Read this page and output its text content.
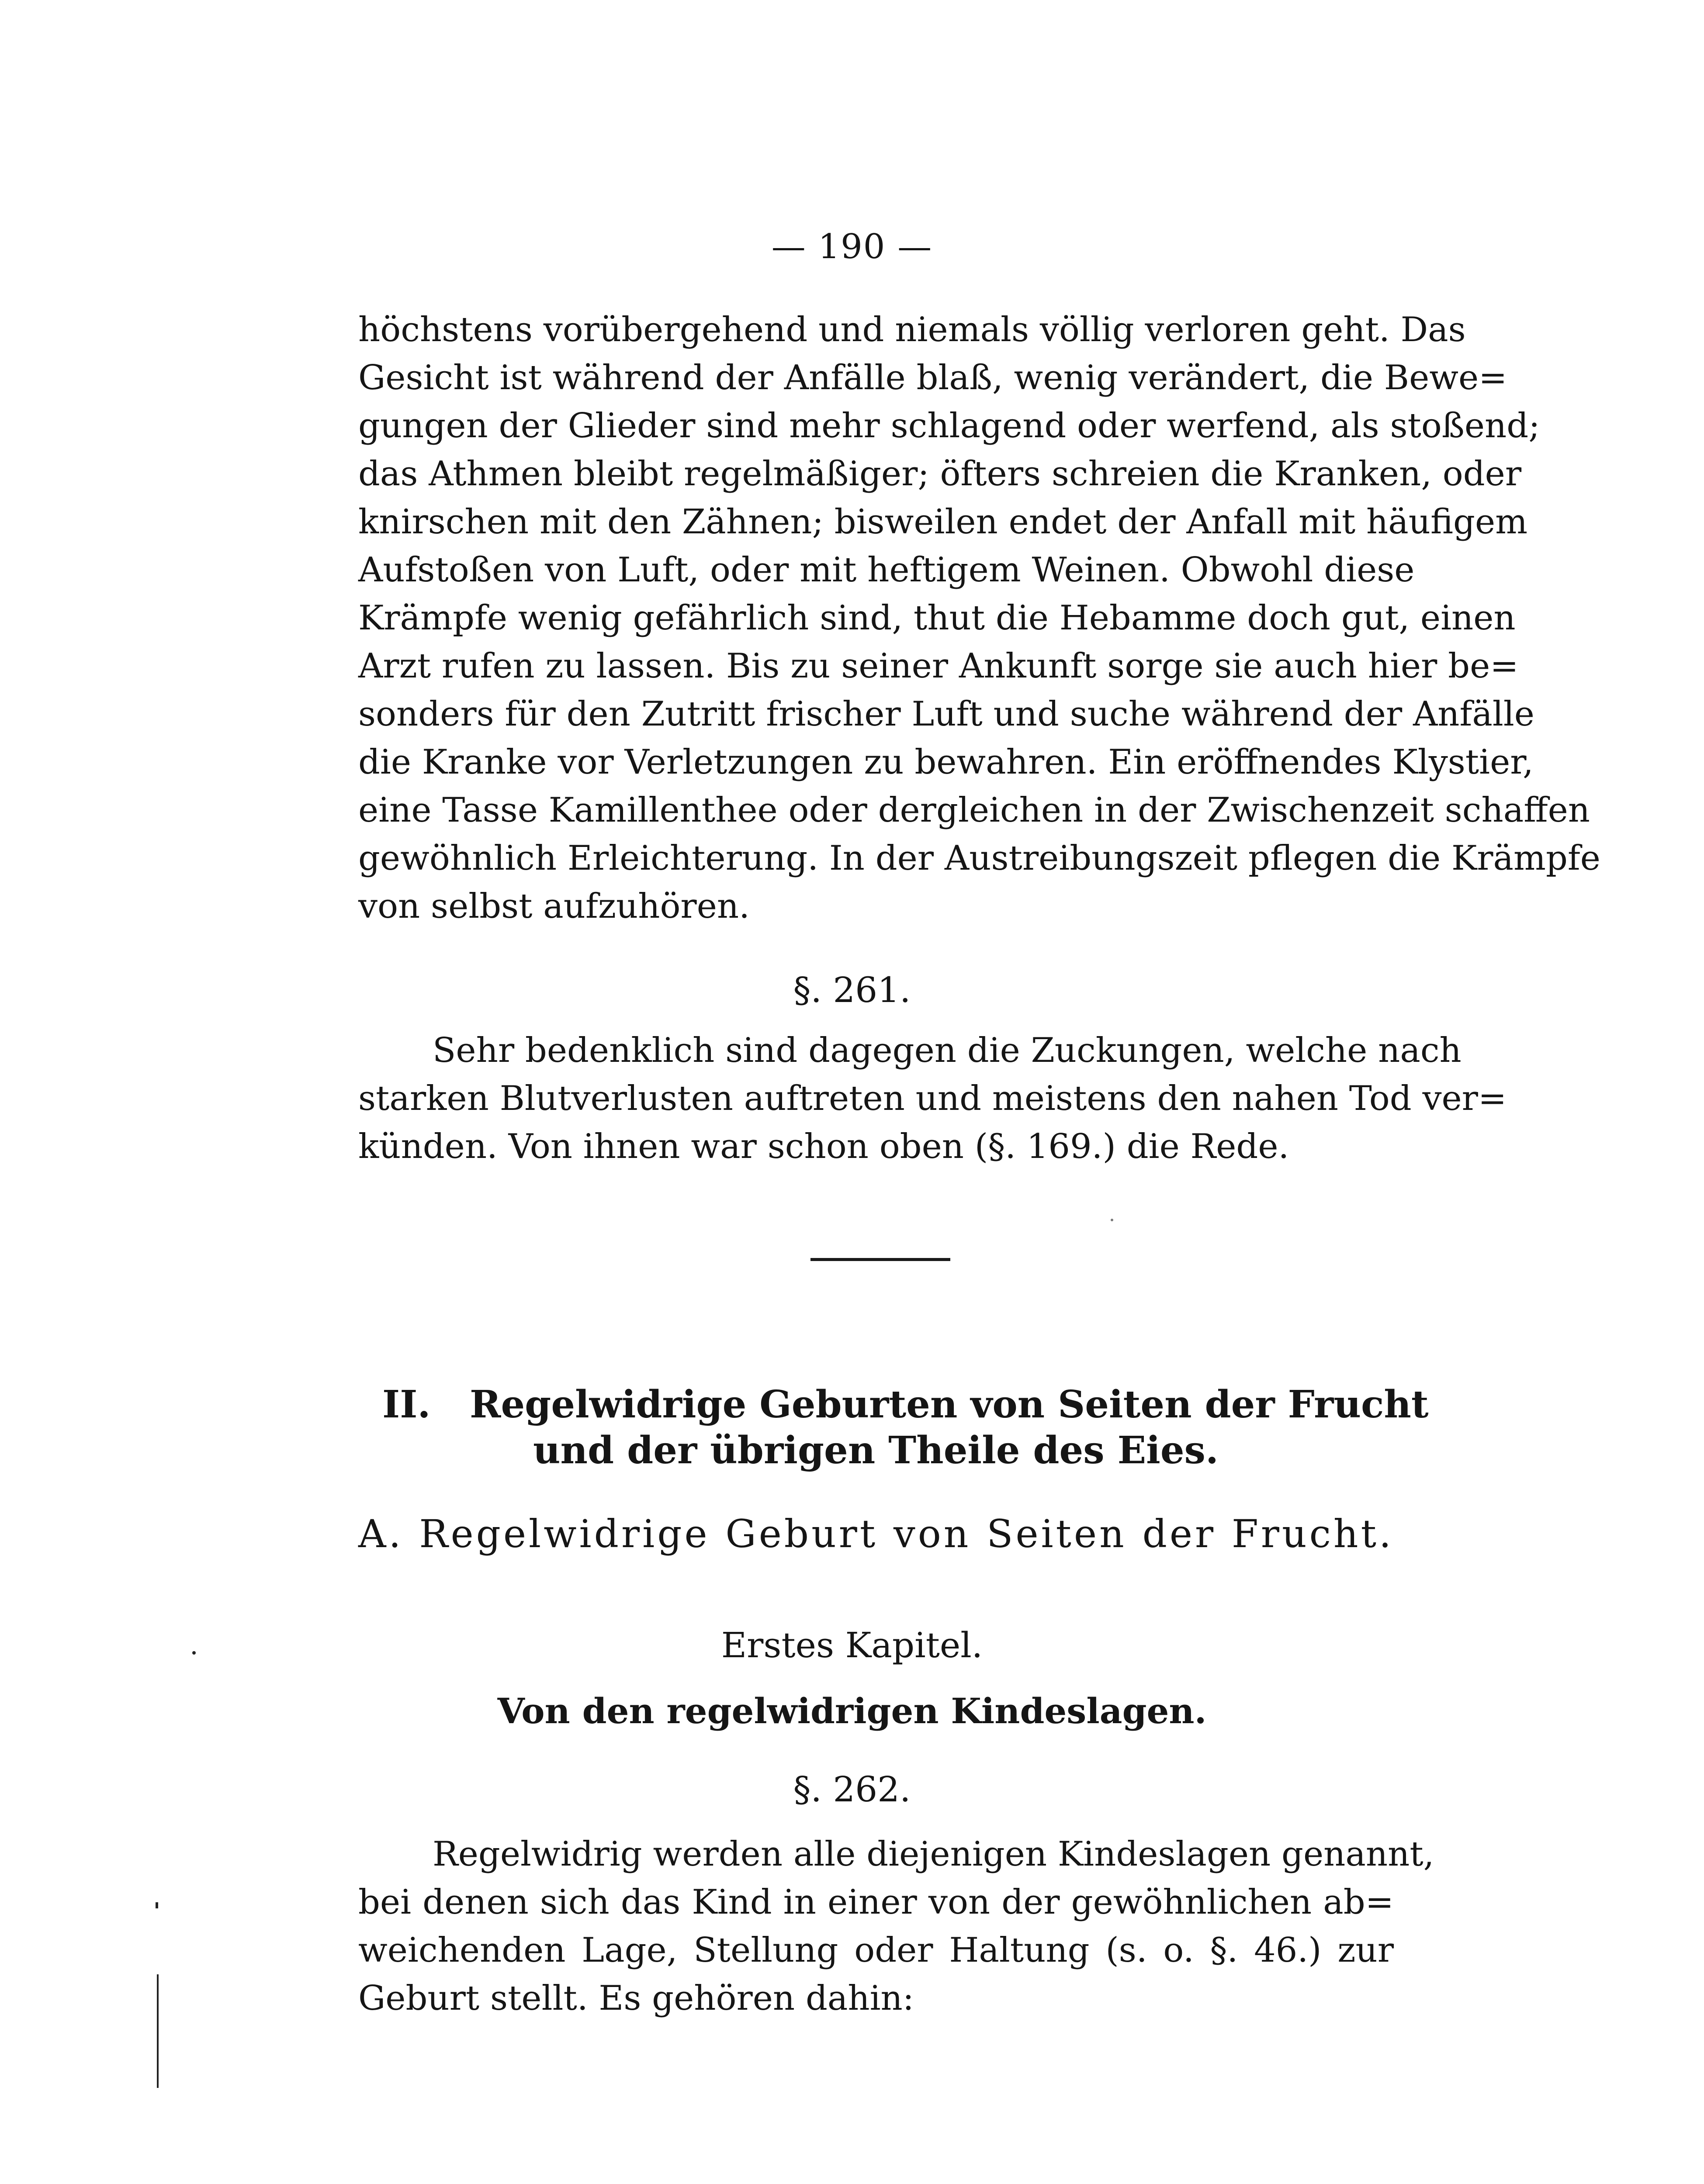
— 190 —
höchstens vorübergehend und niemals völlig verloren geht. Das
Gesicht ist während der Anfälle blaß, wenig verändert, die Bewe=
gungen der Glieder sind mehr schlagend oder werfend, als stoßend;
das Athmen bleibt regelmäßiger; öfters schreien die Kranken, oder
knirschen mit den Zähnen; bisweilen endet der Anfall mit häufigem
Aufstoßen von Luft, oder mit heftigem Weinen. Obwohl diese
Krämpfe wenig gefährlich sind, thut die Hebamme doch gut, einen
Arzt rufen zu lassen. Bis zu seiner Ankunft sorge sie auch hier be=
sonders für den Zutritt frischer Luft und suche während der Anfälle
die Kranke vor Verletzungen zu bewahren. Ein eröffnendes Klystier,
eine Tasse Kamillenthee oder dergleichen in der Zwischenzeit schaffen
gewöhnlich Erleichterung. In der Austreibungszeit pflegen die Krämpfe
von selbst aufzuhören.
§. 261.
Sehr bedenklich sind dagegen die Zuckungen, welche nach
starken Blutverlusten auftreten und meistens den nahen Tod ver=
künden. Von ihnen war schon oben (§. 169.) die Rede.
II. Regelwidrige Geburten von Seiten der Frucht
und der übrigen Theile des Eies.
A. Regelwidrige Geburt von Seiten der Frucht.
Erstes Kapitel.
Von den regelwidrigen Kindeslagen.
§. 262.
Regelwidrig werden alle diejenigen Kindeslagen genannt,
bei denen sich das Kind in einer von der gewöhnlichen ab=
weichenden Lage, Stellung oder Haltung (s. o. §. 46.) zur
Geburt stellt. Es gehören dahin:
